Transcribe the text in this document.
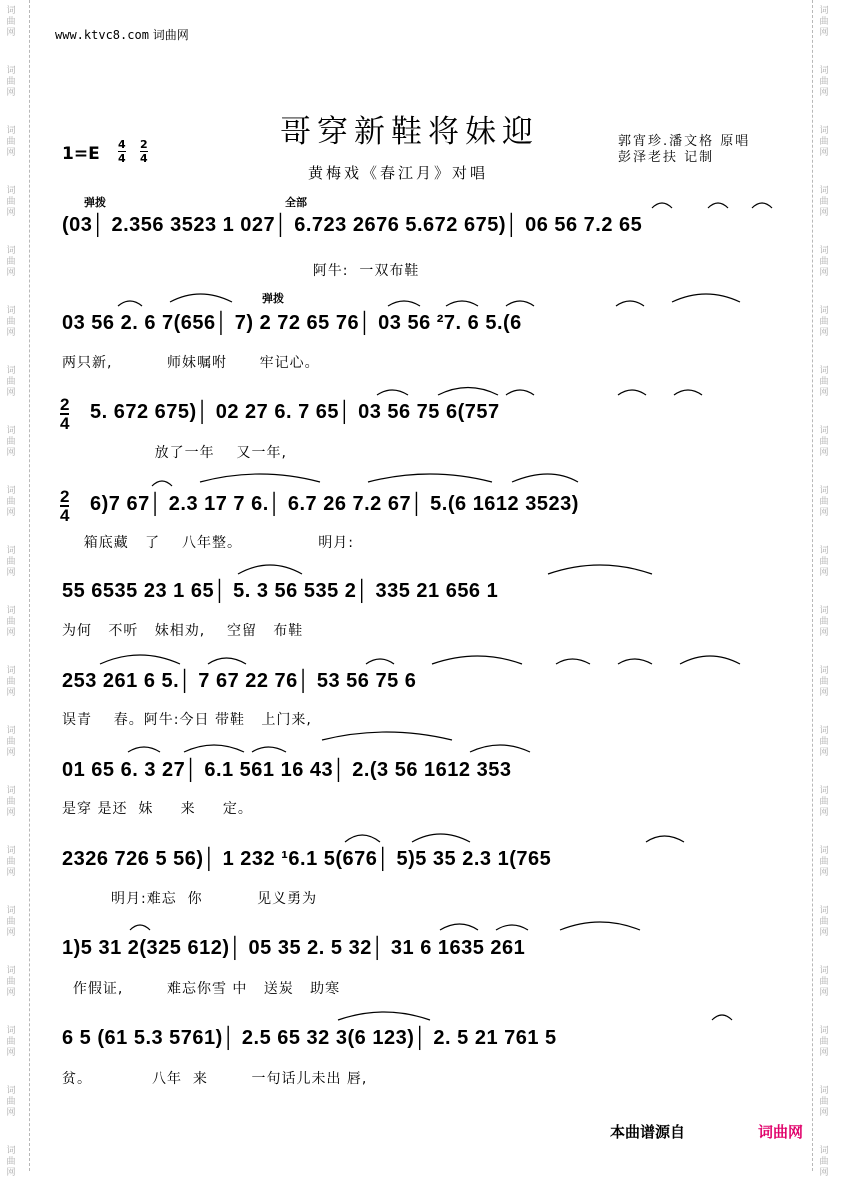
词
曲
网
词
曲
网
词
曲
网
词
曲
网
词
曲
网
词
曲
网
词
曲
网
词
曲
网
词
曲
网
词
曲
网
词
曲
网
词
曲
网
词
曲
网
词
曲
网
词
曲
网
词
曲
网
词
曲
网
词
曲
网
词
曲
网
词
曲
网
词
曲
网
词
曲
网
词
曲
网
词
曲
网
词
曲
网
词
曲
网
词
曲
网
词
曲
网
词
曲
网
词
曲
网
词
曲
网
词
曲
网
词
曲
网
词
曲
网
词
曲
网
词
曲
网
词
曲
网
词
曲
网
词
曲
网
词
曲
网
www.ktvc8.com 词曲网
哥穿新鞋将妹迎
黄梅戏《春江月》对唱
$1=E \frac{4}{4} \frac{2}{4}$	郭宵珍.潘文格 原唱
彭泽老扶 记制
弹拨	全部
弹拨
$\frac{2}{4}$
$\frac{2}{4}$
(03│ 2.356 3523 1 027│ 6.723 2676 5.672 675)│ 06 56 7.2 65
阿牛:  一双布鞋
03 56 2. 6 7(656│ 7) 2 72 65 76│ 03 56 ²7. 6 5.(6
两只新,          师妹嘱咐      牢记心。
5. 672 675)│ 02 27 6. 7 65│ 03 56 75 6(757
放了一年    又一年,
6)7 67│ 2.3 17 7 6.│ 6.7 26 7.2 67│ 5.(6 1612 3523)
箱底藏   了    八年整。              明月:
55 6535 23 1 65│ 5. 3 56 535 2│ 335 21 656 1
为何   不听   妹相劝,    空留   布鞋
253 261 6 5.│ 7 67 22 76│ 53 56 75 6
误青    春。阿牛:今日 带鞋   上门来,
01 65 6. 3 27│ 6.1 561 16 43│ 2.(3 56 1612 353
是穿 是还  妹     来     定。
2326 726 5 56)│ 1 232 ¹6.1 5(676│ 5)5 35 2.3 1(765
明月:难忘  你          见义勇为
1)5 31 2(325 612)│ 05 35 2. 5 32│ 31 6 1635 261
作假证,        难忘你雪 中   送炭   助寒
6 5 (61 5.3 5761)│ 2.5 65 32 3(6 123)│ 2. 5 21 761 5
贫。           八年  来        一句话儿未出 唇,
本曲谱源自	词曲网
